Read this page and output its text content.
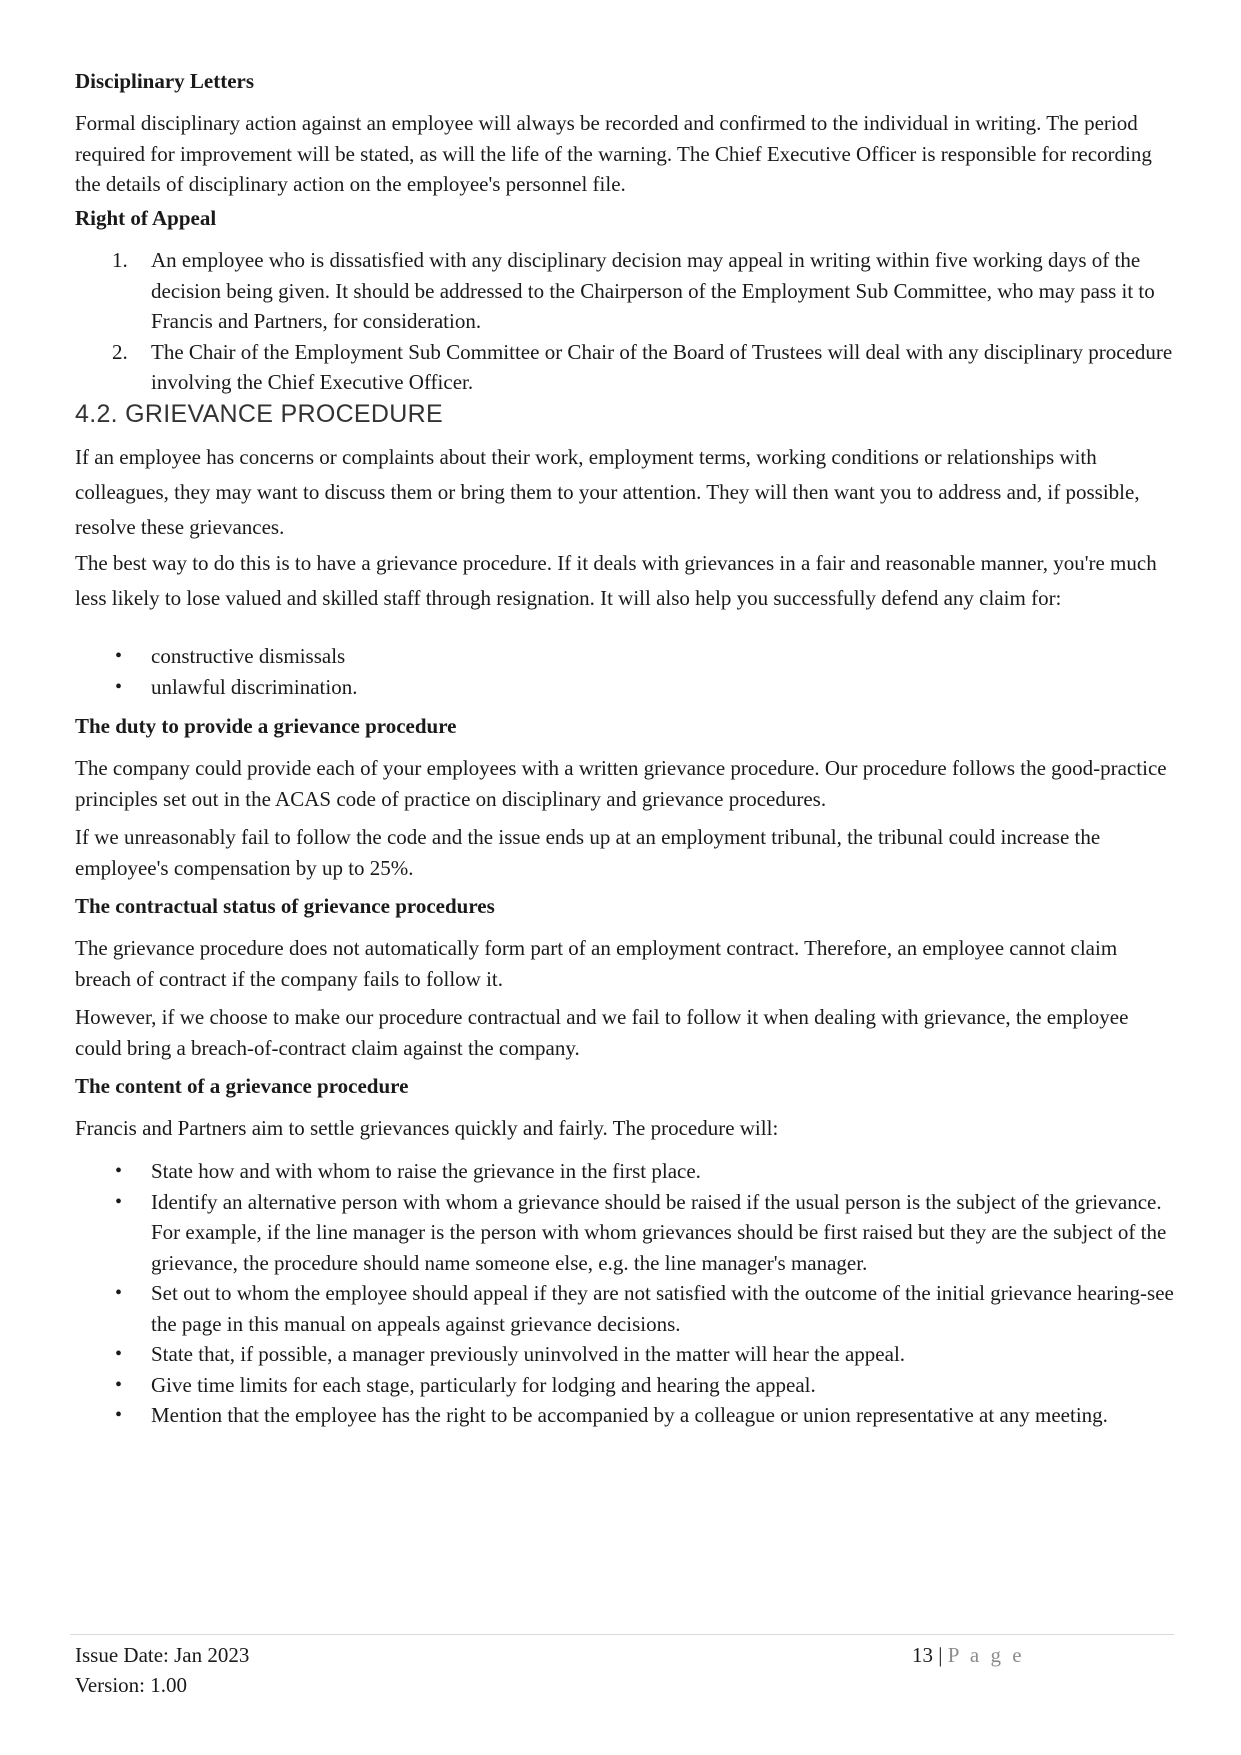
Disciplinary Letters

Formal disciplinary action against an employee will always be recorded and confirmed to the individual in writing. The period required for improvement will be stated, as will the life of the warning. The Chief Executive Officer is responsible for recording the details of disciplinary action on the employee's personnel file.

Right of Appeal
1. An employee who is dissatisfied with any disciplinary decision may appeal in writing within five working days of the decision being given. It should be addressed to the Chairperson of the Employment Sub Committee, who may pass it to Francis and Partners, for consideration.
2. The Chair of the Employment Sub Committee or Chair of the Board of Trustees will deal with any disciplinary procedure involving the Chief Executive Officer.
4.2. GRIEVANCE PROCEDURE

If an employee has concerns or complaints about their work, employment terms, working conditions or relationships with colleagues, they may want to discuss them or bring them to your attention. They will then want you to address and, if possible, resolve these grievances.

The best way to do this is to have a grievance procedure. If it deals with grievances in a fair and reasonable manner, you're much less likely to lose valued and skilled staff through resignation. It will also help you successfully defend any claim for:

• constructive dismissals
• unlawful discrimination.
The duty to provide a grievance procedure

The company could provide each of your employees with a written grievance procedure. Our procedure follows the good-practice principles set out in the ACAS code of practice on disciplinary and grievance procedures.

If we unreasonably fail to follow the code and the issue ends up at an employment tribunal, the tribunal could increase the employee's compensation by up to 25%.

The contractual status of grievance procedures

The grievance procedure does not automatically form part of an employment contract. Therefore, an employee cannot claim breach of contract if the company fails to follow it.

However, if we choose to make our procedure contractual and we fail to follow it when dealing with grievance, the employee could bring a breach-of-contract claim against the company.

The content of a grievance procedure

Francis and Partners aim to settle grievances quickly and fairly. The procedure will:

• State how and with whom to raise the grievance in the first place.
• Identify an alternative person with whom a grievance should be raised if the usual person is the subject of the grievance. For example, if the line manager is the person with whom grievances should be first raised but they are the subject of the grievance, the procedure should name someone else, e.g. the line manager's manager.
• Set out to whom the employee should appeal if they are not satisfied with the outcome of the initial grievance hearing-see the page in this manual on appeals against grievance decisions.
• State that, if possible, a manager previously uninvolved in the matter will hear the appeal.
• Give time limits for each stage, particularly for lodging and hearing the appeal.
• Mention that the employee has the right to be accompanied by a colleague or union representative at any meeting.
Issue Date: Jan 2023
Version: 1.00
13 | P a g e
